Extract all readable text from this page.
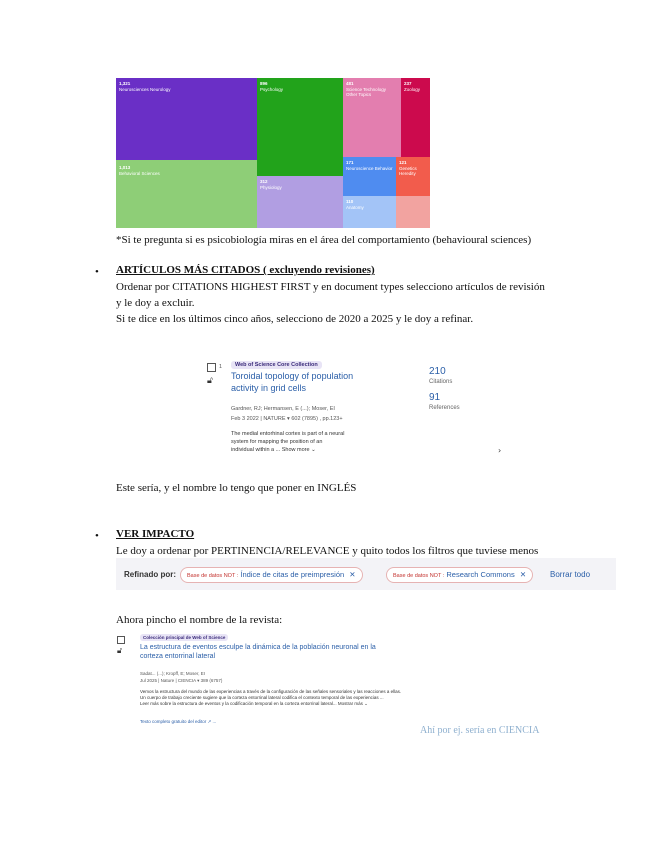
1,321
Neurosciences Neurology
1,013
Behavioral Sciences
896
Psychology
312
Physiology
481
Science Technology Other Topics
237
Zoology
171
Neuroscience Behavior
110
Anatomy
121
Genetics Heredity
*Si te pregunta si es psicobiología miras en el área del comportamiento (behavioural sciences)
• ARTÍCULOS MÁS CITADOS ( excluyendo revisiones)
Ordenar por CITATIONS HIGHEST FIRST y en document types selecciono artículos de revisión
y le doy a excluir.
Si te dice en los últimos cinco años, selecciono de 2020 a 2025 y le doy a refinar.
1
🔓︎
Web of Science Core Collection
Toroidal topology of population
activity in grid cells
Gardner, RJ; Hermansen, E (...); Moser, EI
Feb 3 2022 | NATURE ▾ 602 (7895) , pp.123+
The medial entorhinal cortex is part of a neural
system for mapping the position of an
individual within a ... Show more ⌄
210
Citations
91
References
›
Este sería, y el nombre lo tengo que poner en INGLÉS
• VER IMPACTO
Le doy a ordenar por PERTINENCIA/RELEVANCE y quito todos los filtros que tuviese menos
Refinado por:	Base de datos NOT : Índice de citas de preimpresión ✕	Base de datos NOT : Research Commons ✕	Borrar todo
Ahora pincho el nombre de la revista:
🔓︎
Colección principal de Web of Science
La estructura de eventos esculpe la dinámica de la población neuronal en la
corteza entorrinal lateral
Sadat... (...); Kropff, E; Moser, EI
Jul 2025 | Nature | CIENCIA ▾ 389 (6757)
Vemos la estructura del mundo de las experiencias a través de la configuración de las señales sensoriales y las reacciones a ellas.
Un cuerpo de trabajo creciente sugiere que la corteza entorrinal lateral codifica el contexto temporal de las experiencias ...
Leer más sobre la estructura de eventos y la codificación temporal en la corteza entorrinal lateral... Mostrar más ⌄
Texto completo gratuito del editor ↗ ...
Ahí por ej. sería en CIENCIA
